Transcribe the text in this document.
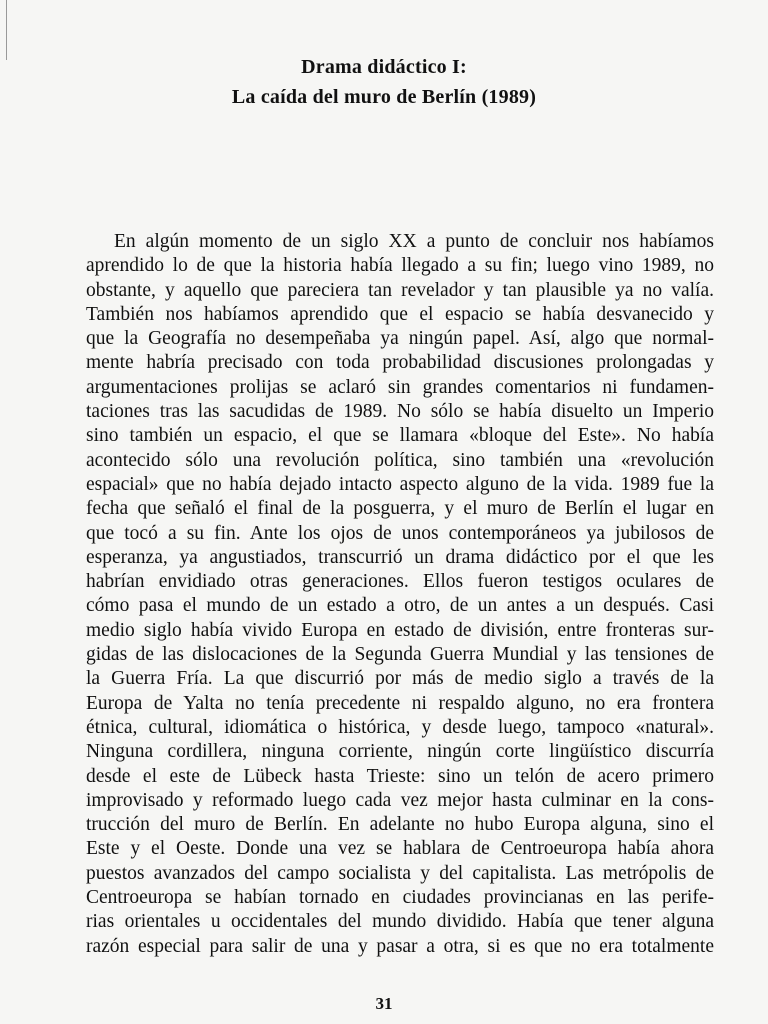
Drama didáctico I:
La caída del muro de Berlín (1989)
En algún momento de un siglo XX a punto de concluir nos habíamos
aprendido lo de que la historia había llegado a su fin; luego vino 1989, no
obstante, y aquello que pareciera tan revelador y tan plausible ya no valía.
También nos habíamos aprendido que el espacio se había desvanecido y
que la Geografía no desempeñaba ya ningún papel. Así, algo que normal-
mente habría precisado con toda probabilidad discusiones prolongadas y
argumentaciones prolijas se aclaró sin grandes comentarios ni fundamen-
taciones tras las sacudidas de 1989. No sólo se había disuelto un Imperio
sino también un espacio, el que se llamara «bloque del Este». No había
acontecido sólo una revolución política, sino también una «revolución
espacial» que no había dejado intacto aspecto alguno de la vida. 1989 fue la
fecha que señaló el final de la posguerra, y el muro de Berlín el lugar en
que tocó a su fin. Ante los ojos de unos contemporáneos ya jubilosos de
esperanza, ya angustiados, transcurrió un drama didáctico por el que les
habrían envidiado otras generaciones. Ellos fueron testigos oculares de
cómo pasa el mundo de un estado a otro, de un antes a un después. Casi
medio siglo había vivido Europa en estado de división, entre fronteras sur-
gidas de las dislocaciones de la Segunda Guerra Mundial y las tensiones de
la Guerra Fría. La que discurrió por más de medio siglo a través de la
Europa de Yalta no tenía precedente ni respaldo alguno, no era frontera
étnica, cultural, idiomática o histórica, y desde luego, tampoco «natural».
Ninguna cordillera, ninguna corriente, ningún corte lingüístico discurría
desde el este de Lübeck hasta Trieste: sino un telón de acero primero
improvisado y reformado luego cada vez mejor hasta culminar en la cons-
trucción del muro de Berlín. En adelante no hubo Europa alguna, sino el
Este y el Oeste. Donde una vez se hablara de Centroeuropa había ahora
puestos avanzados del campo socialista y del capitalista. Las metrópolis de
Centroeuropa se habían tornado en ciudades provincianas en las perife-
rias orientales u occidentales del mundo dividido. Había que tener alguna
razón especial para salir de una y pasar a otra, si es que no era totalmente
31
